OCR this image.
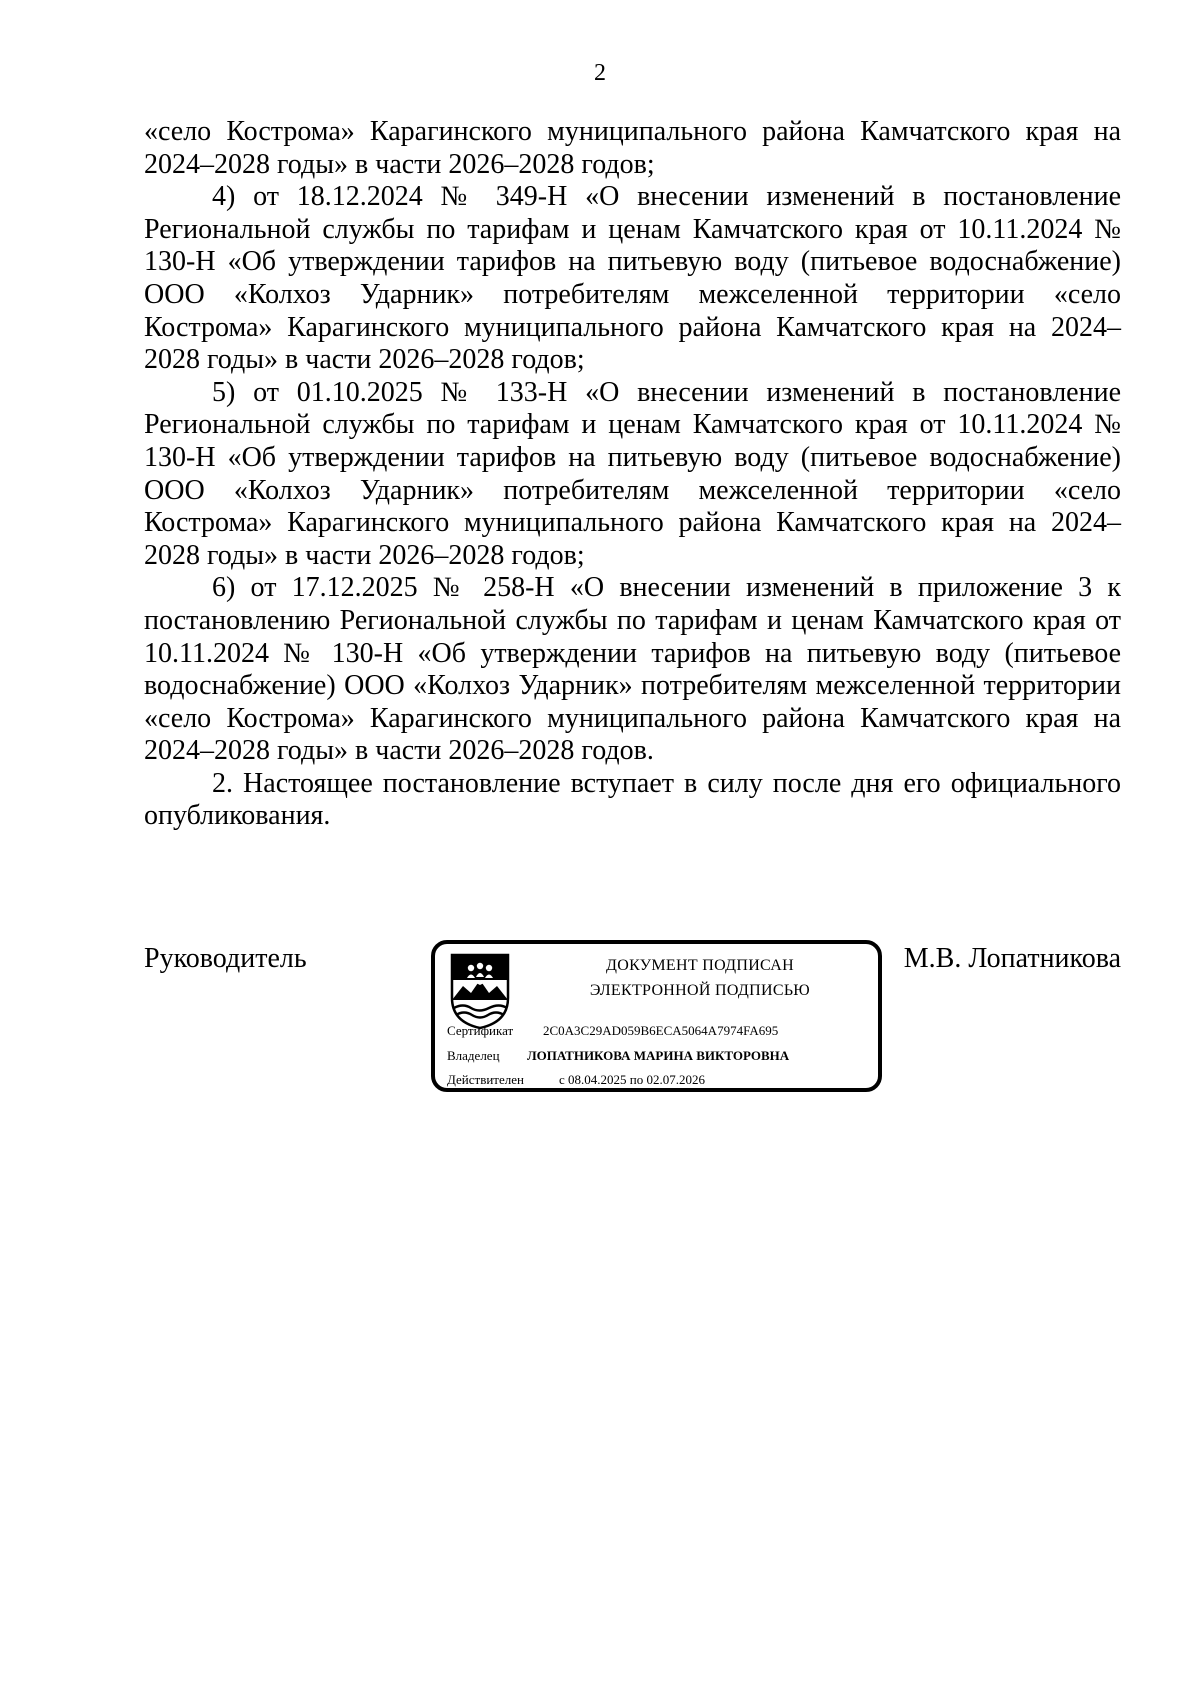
2

«село Кострома» Карагинского муниципального района Камчатского края на 2024–2028 годы» в части 2026–2028 годов;

4) от 18.12.2024 № 349-Н «О внесении изменений в постановление Региональной службы по тарифам и ценам Камчатского края от 10.11.2024 № 130-Н «Об утверждении тарифов на питьевую воду (питьевое водоснабжение) ООО «Колхоз Ударник» потребителям межселенной территории «село Кострома» Карагинского муниципального района Камчатского края на 2024–2028 годы» в части 2026–2028 годов;

5) от 01.10.2025 № 133-Н «О внесении изменений в постановление Региональной службы по тарифам и ценам Камчатского края от 10.11.2024 № 130-Н «Об утверждении тарифов на питьевую воду (питьевое водоснабжение) ООО «Колхоз Ударник» потребителям межселенной территории «село Кострома» Карагинского муниципального района Камчатского края на 2024–2028 годы» в части 2026–2028 годов;

6) от 17.12.2025 № 258-Н «О внесении изменений в приложение 3 к постановлению Региональной службы по тарифам и ценам Камчатского края от 10.11.2024 № 130-Н «Об утверждении тарифов на питьевую воду (питьевое водоснабжение) ООО «Колхоз Ударник» потребителям межселенной территории «село Кострома» Карагинского муниципального района Камчатского края на 2024–2028 годы» в части 2026–2028 годов.

2. Настоящее постановление вступает в силу после дня его официального опубликования.

Руководитель	ДОКУМЕНТ ПОДПИСАН
ЭЛЕКТРОННОЙ ПОДПИСЬЮ
Сертификат 2C0A3C29AD059B6ECA5064A7974FA695
Владелец ЛОПАТНИКОВА МАРИНА ВИКТОРОВНА
Действителен	с 08.04.2025 по 02.07.2026
М.В. Лопатникова
